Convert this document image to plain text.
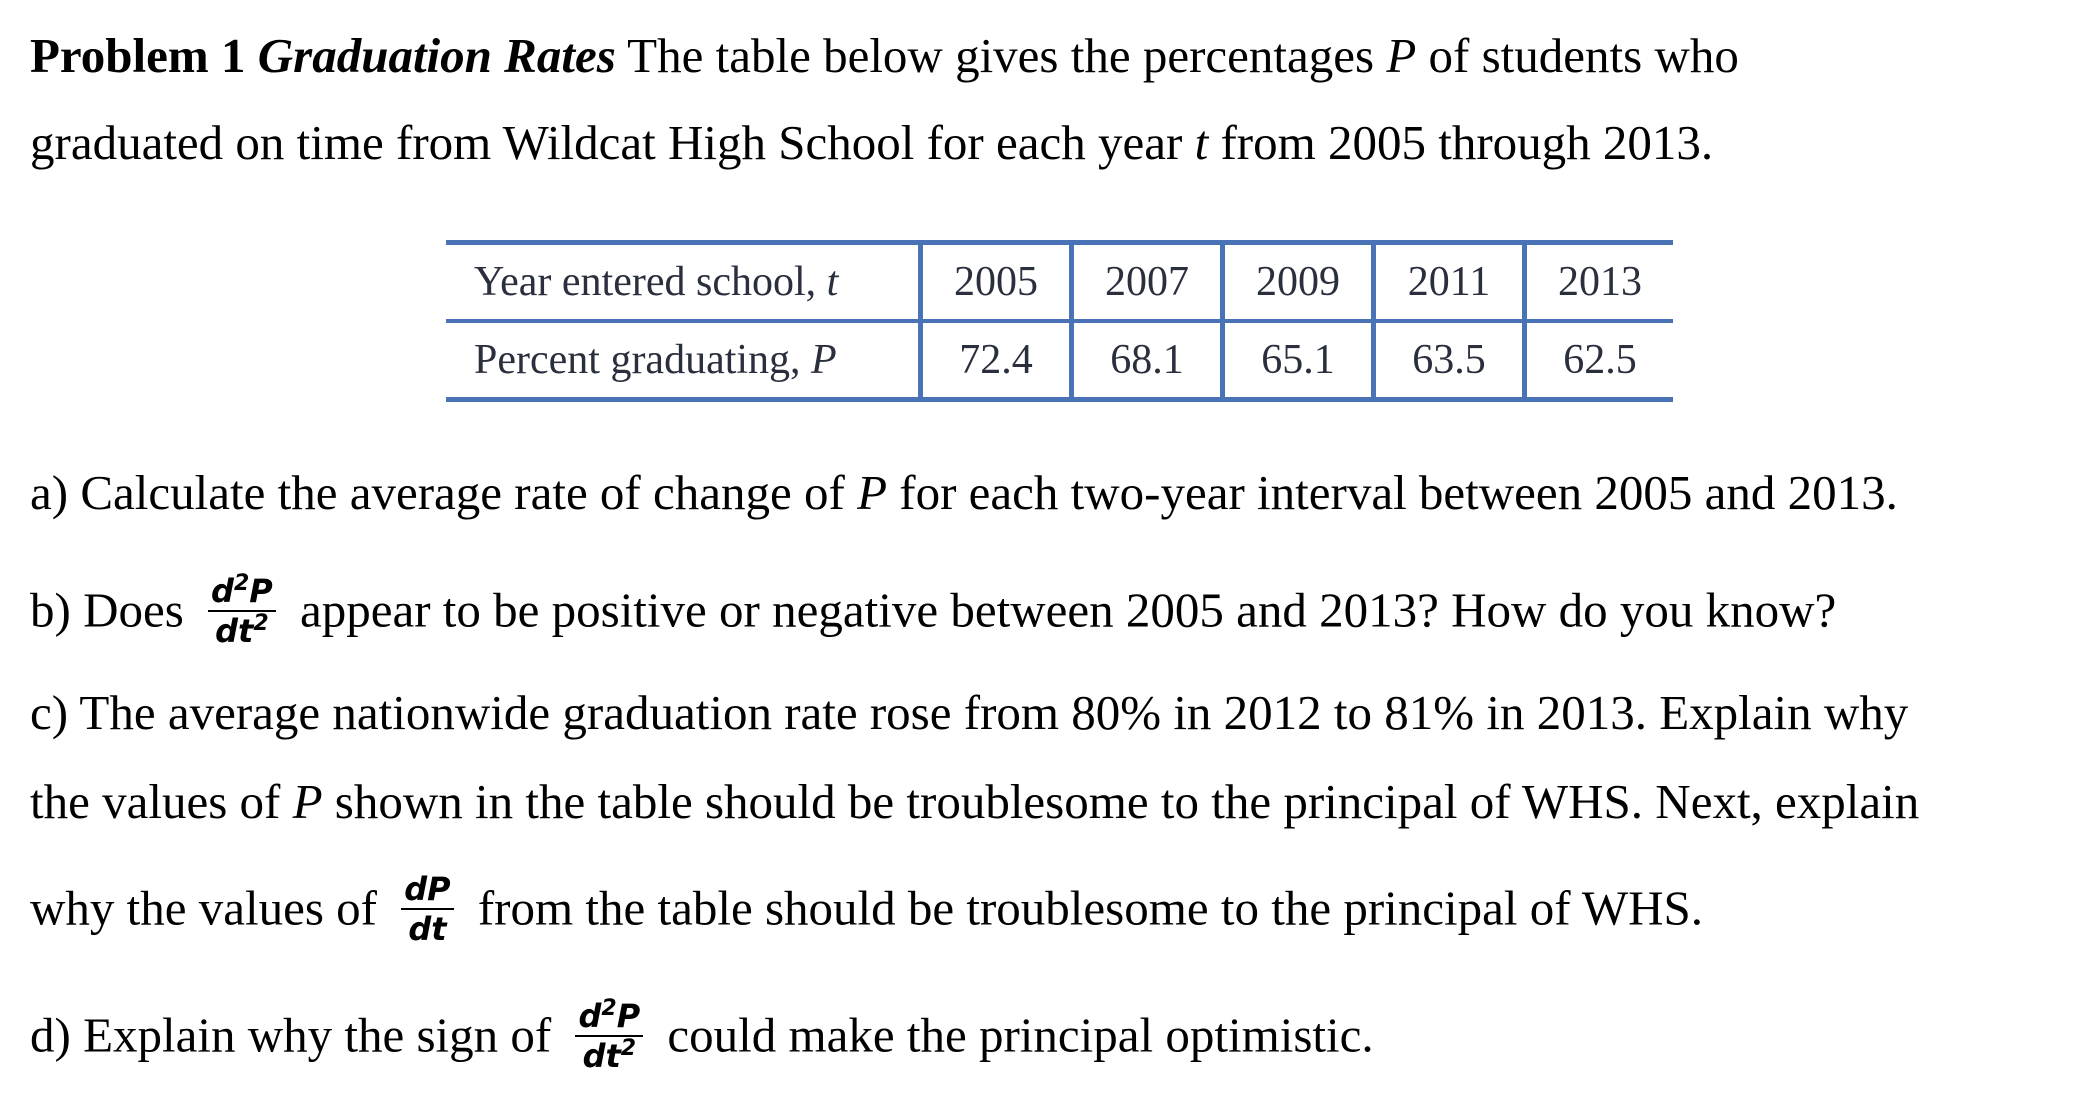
Problem 1 Graduation Rates The table below gives the percentages P of students who
graduated on time from Wildcat High School for each year t from 2005 through 2013.
Year entered school, t	2005	2007	2009	2011	2013
Percent graduating, P	72.4	68.1	65.1	63.5	62.5
a) Calculate the average rate of change of P for each two-year interval between 2005 and 2013.
b) Does $\frac{d^2P}{dt^2}$ appear to be positive or negative between 2005 and 2013? How do you know?
c) The average nationwide graduation rate rose from 80% in 2012 to 81% in 2013. Explain why
the values of P shown in the table should be troublesome to the principal of WHS. Next, explain
why the values of $\frac{dP}{dt}$ from the table should be troublesome to the principal of WHS.
d) Explain why the sign of $\frac{d^2P}{dt^2}$ could make the principal optimistic.
